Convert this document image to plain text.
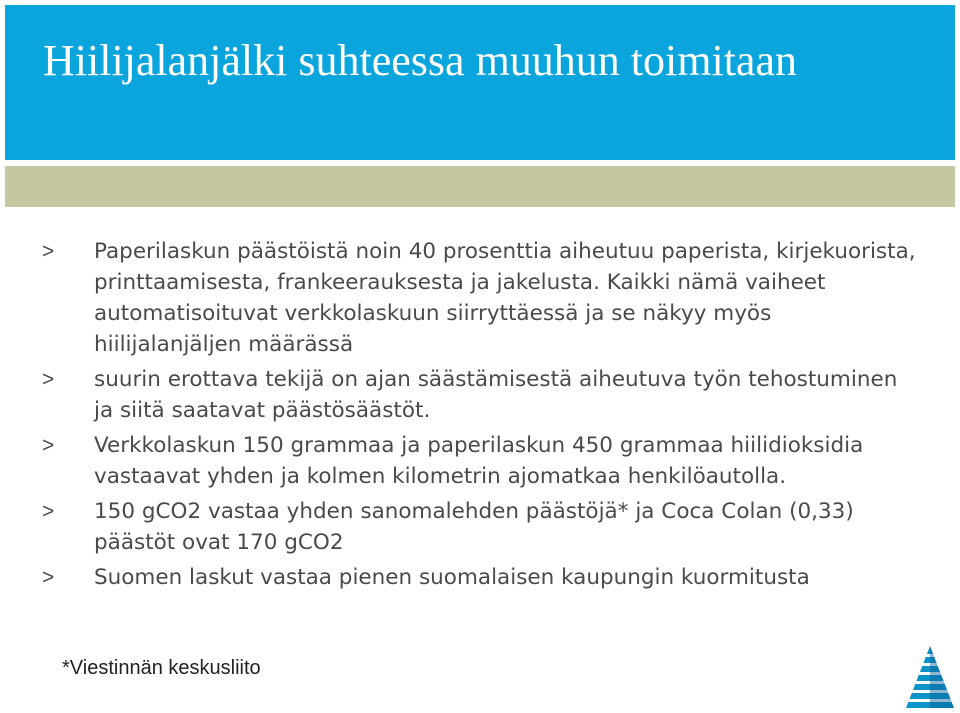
Hiilijalanjälki suhteessa muuhun toimitaan
> Paperilaskun päästöistä noin 40 prosenttia aiheutuu paperista, kirjekuorista, printtaamisesta, frankeerauksesta ja jakelusta. Kaikki nämä vaiheet automatisoituvat verkkolaskuun siirryttäessä ja se näkyy myös hiilijalanjäljen määrässä
> suurin erottava tekijä on ajan säästämisestä aiheutuva työn tehostuminen ja siitä saatavat päästösäästöt.
> Verkkolaskun 150 grammaa ja paperilaskun 450 grammaa hiilidioksidia vastaavat yhden ja kolmen kilometrin ajomatkaa henkilöautolla.
> 150 gCO2 vastaa yhden sanomalehden päästöjä* ja Coca Colan (0,33) päästöt ovat 170 gCO2
> Suomen laskut vastaa pienen suomalaisen kaupungin kuormitusta
*Viestinnän keskusliito
